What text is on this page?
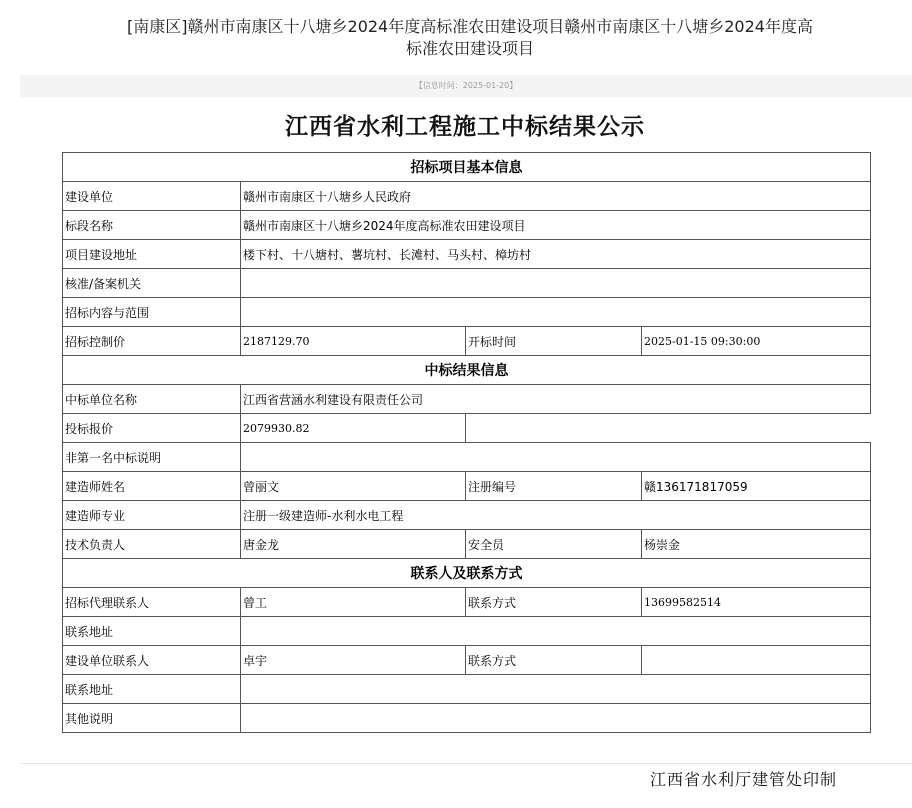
[南康区]赣州市南康区十八塘乡2024年度高标准农田建设项目赣州市南康区十八塘乡2024年度高标准农田建设项目
【信息时间：2025-01-20】
江西省水利工程施工中标结果公示
招标项目基本信息			
建设单位	赣州市南康区十八塘乡人民政府		
标段名称	赣州市南康区十八塘乡2024年度高标准农田建设项目		
项目建设地址	楼下村、十八塘村、薯坑村、长滩村、马头村、樟坊村		
核准/备案机关			
招标内容与范围			
招标控制价	2187129.70	开标时间	2025-01-15 09:30:00
中标结果信息			
中标单位名称	江西省营涵水利建设有限责任公司		
投标报价	2079930.82		
非第一名中标说明			
建造师姓名	曾丽文	注册编号	赣136171817059
建造师专业	注册一级建造师-水利水电工程		
技术负责人	唐金龙	安全员	杨崇金
联系人及联系方式			
招标代理联系人	曾工	联系方式	13699582514
联系地址			
建设单位联系人	卓宇	联系方式	
联系地址			
其他说明			
江西省水利厅建管处印制
